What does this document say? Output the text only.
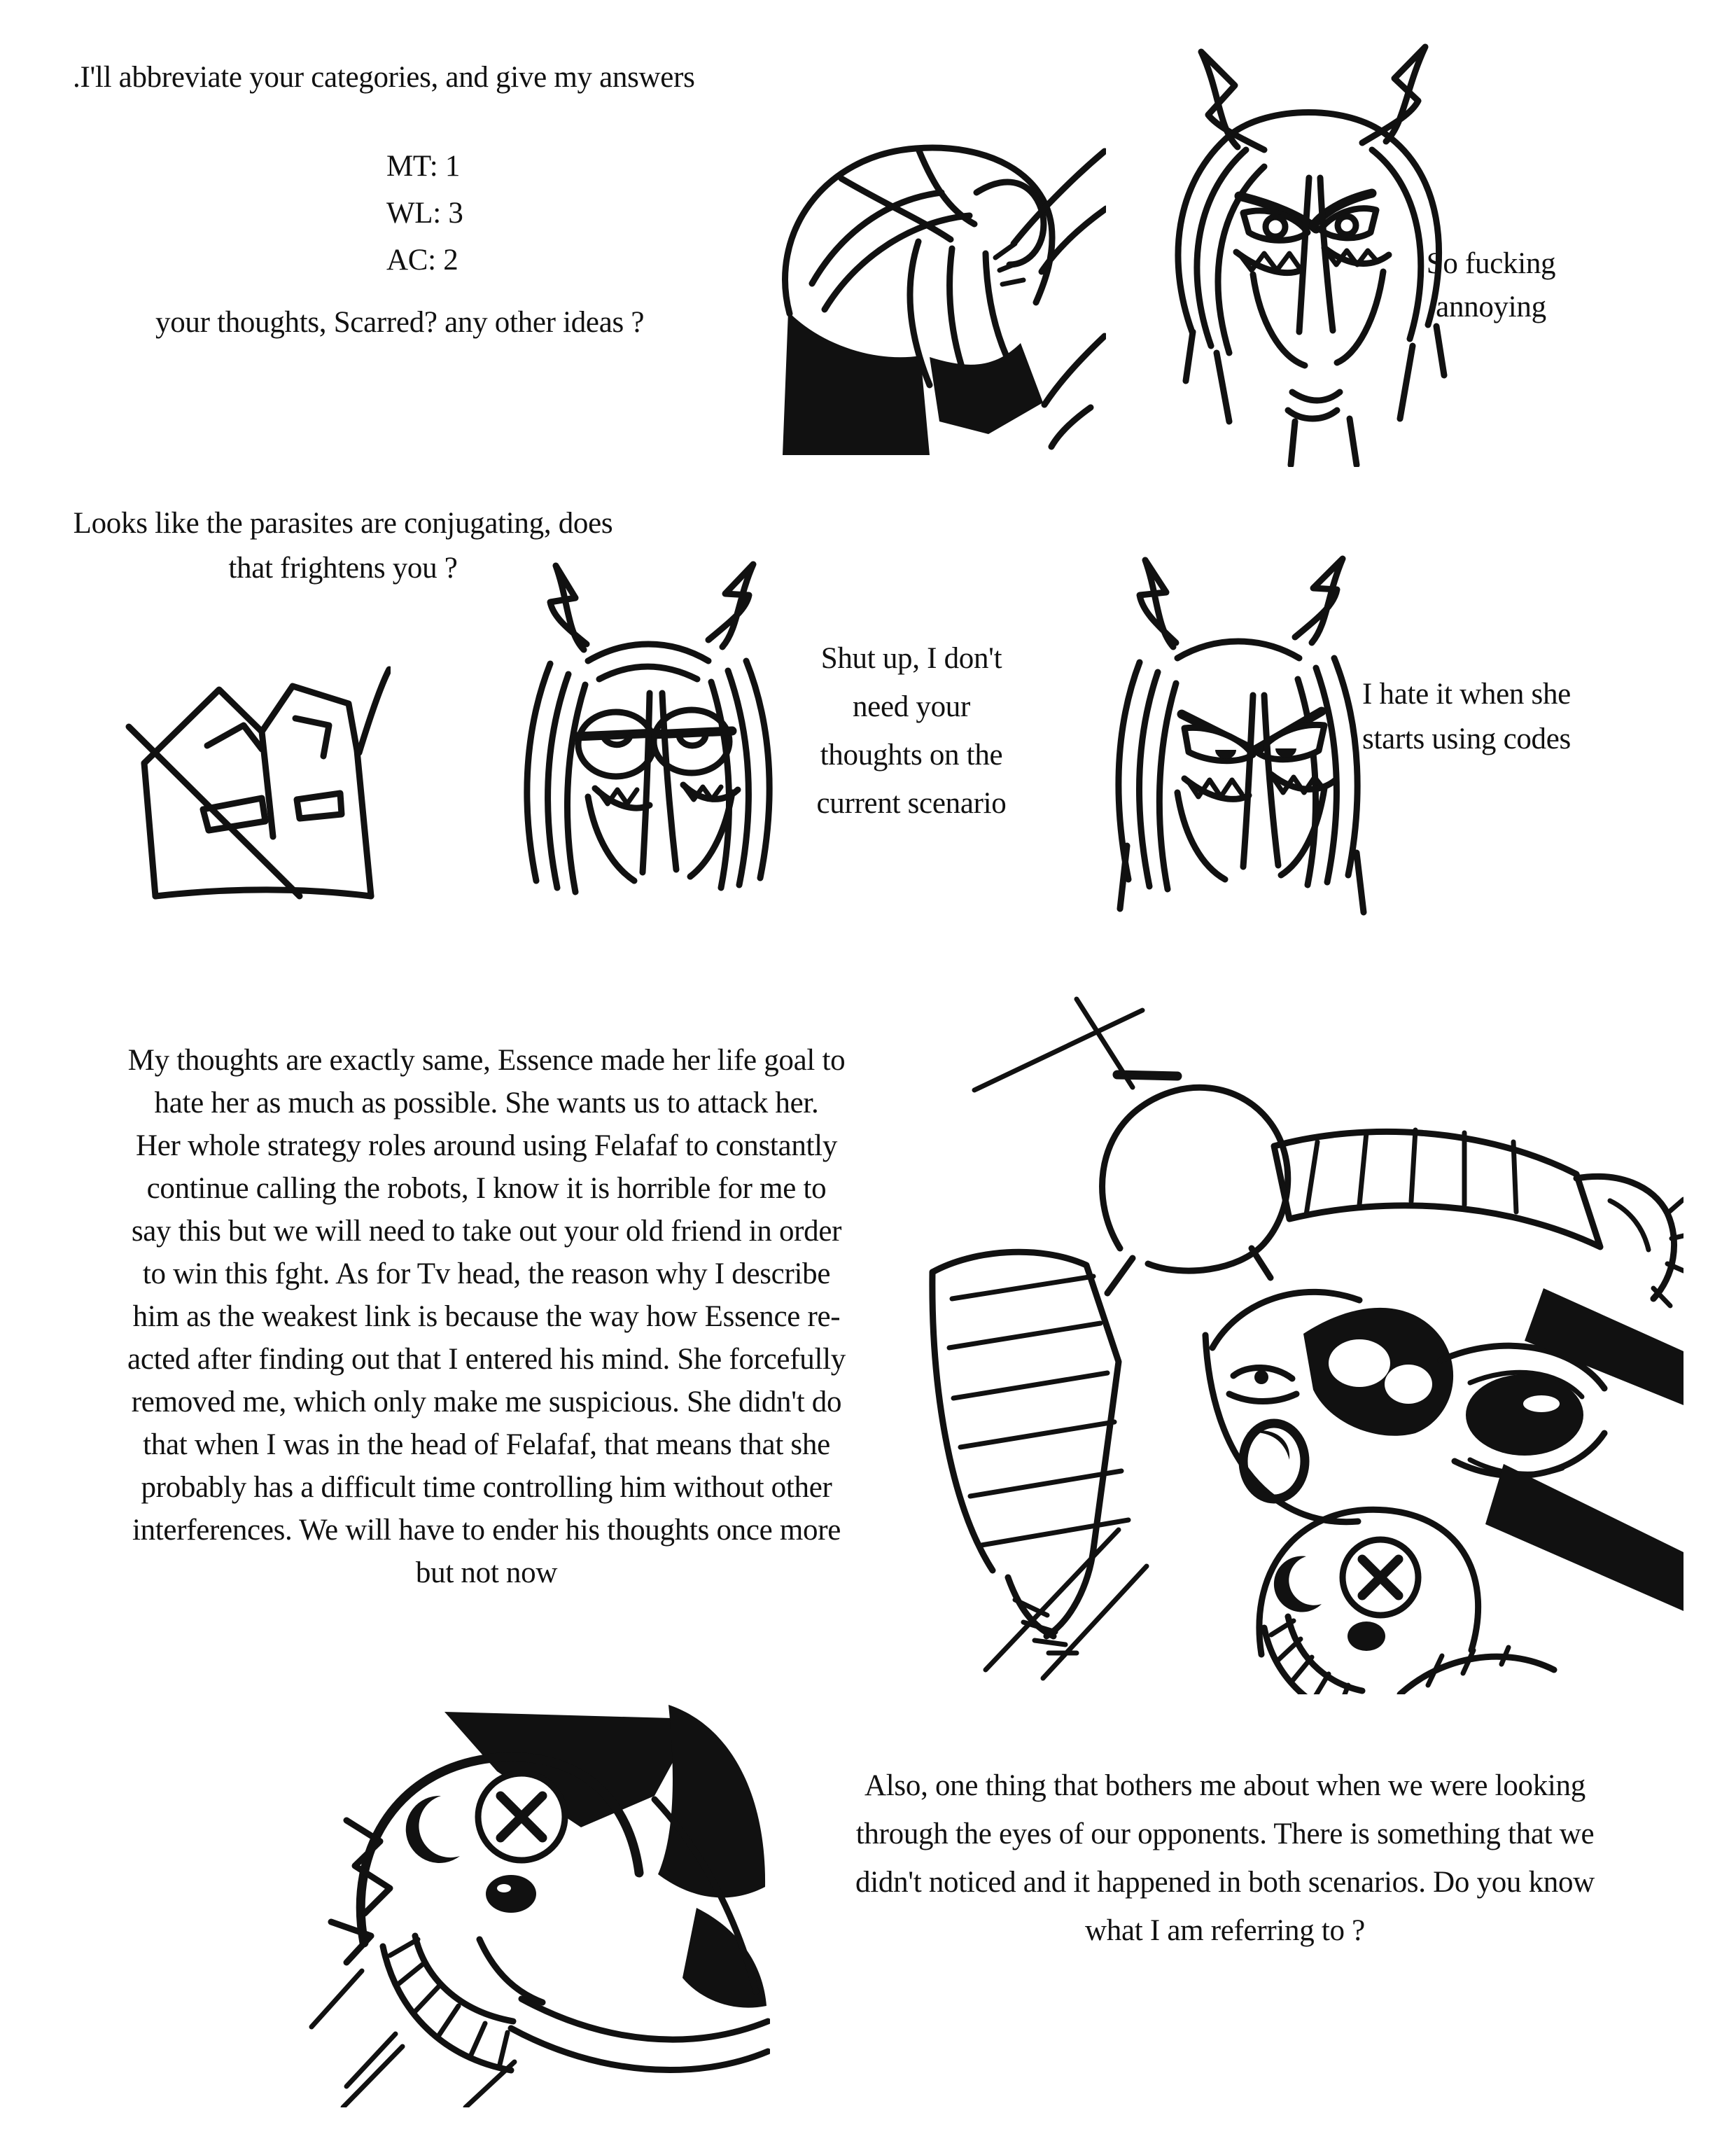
.I'll abbreviate your categories, and give my answers
MT: 1
WL: 3
AC: 2
your thoughts, Scarred? any other ideas ?
So fucking
annoying
Looks like the parasites are conjugating, does
that frightens you ?
Shut up, I don't
need your
thoughts on the
current scenario
I hate it when she
starts using codes
My thoughts are exactly same, Essence made her life goal to
hate her as much as possible. She wants us to attack her.
Her whole strategy roles around using Felafaf to constantly
continue calling the robots, I know it is horrible for me to
say this but we will need to take out your old friend in order
to win this fght. As for Tv head, the reason why I describe
him as the weakest link is because the way how Essence re-
acted after finding out that I entered his mind. She forcefully
removed me, which only make me suspicious. She didn't do
that when I was in the head of Felafaf, that means that she
probably has a difficult time controlling him without other
interferences. We will have to ender his thoughts once more
but not now
Also, one thing that bothers me about when we were looking
through the eyes of our opponents. There is something that we
didn't noticed and it happened in both scenarios. Do you know
what I am referring to ?
